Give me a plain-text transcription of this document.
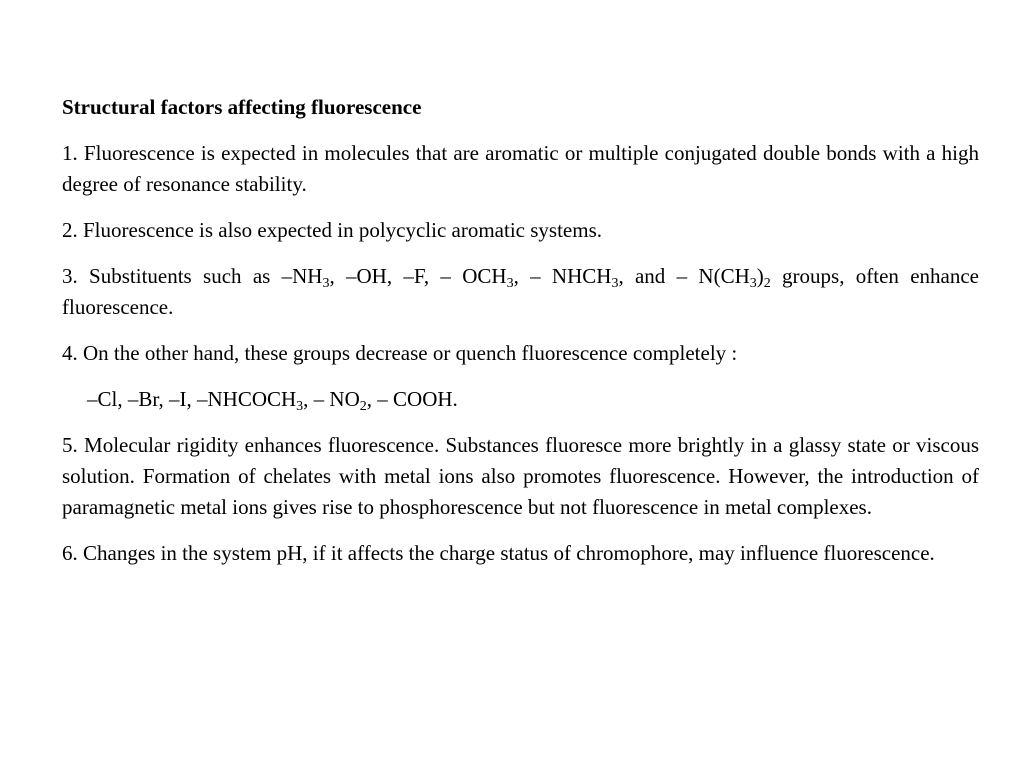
Structural factors affecting fluorescence
1. Fluorescence is expected in molecules that are aromatic or multiple conjugated double bonds with a high degree of resonance stability.
2. Fluorescence is also expected in polycyclic aromatic systems.
3. Substituents such as $-NH_3$, –OH, –F, – $OCH_3$, – $NHCH_3$, and – $N(CH_3)_2$ groups, often enhance fluorescence.
4. On the other hand, these groups decrease or quench fluorescence completely :
–Cl, –Br, –I, $-NHCOCH_3$, – $NO_2$, – COOH.
5. Molecular rigidity enhances fluorescence. Substances fluoresce more brightly in a glassy state or viscous solution. Formation of chelates with metal ions also promotes fluorescence. However, the introduction of paramagnetic metal ions gives rise to phosphorescence but not fluorescence in metal complexes.
6. Changes in the system pH, if it affects the charge status of chromophore, may influence fluorescence.
